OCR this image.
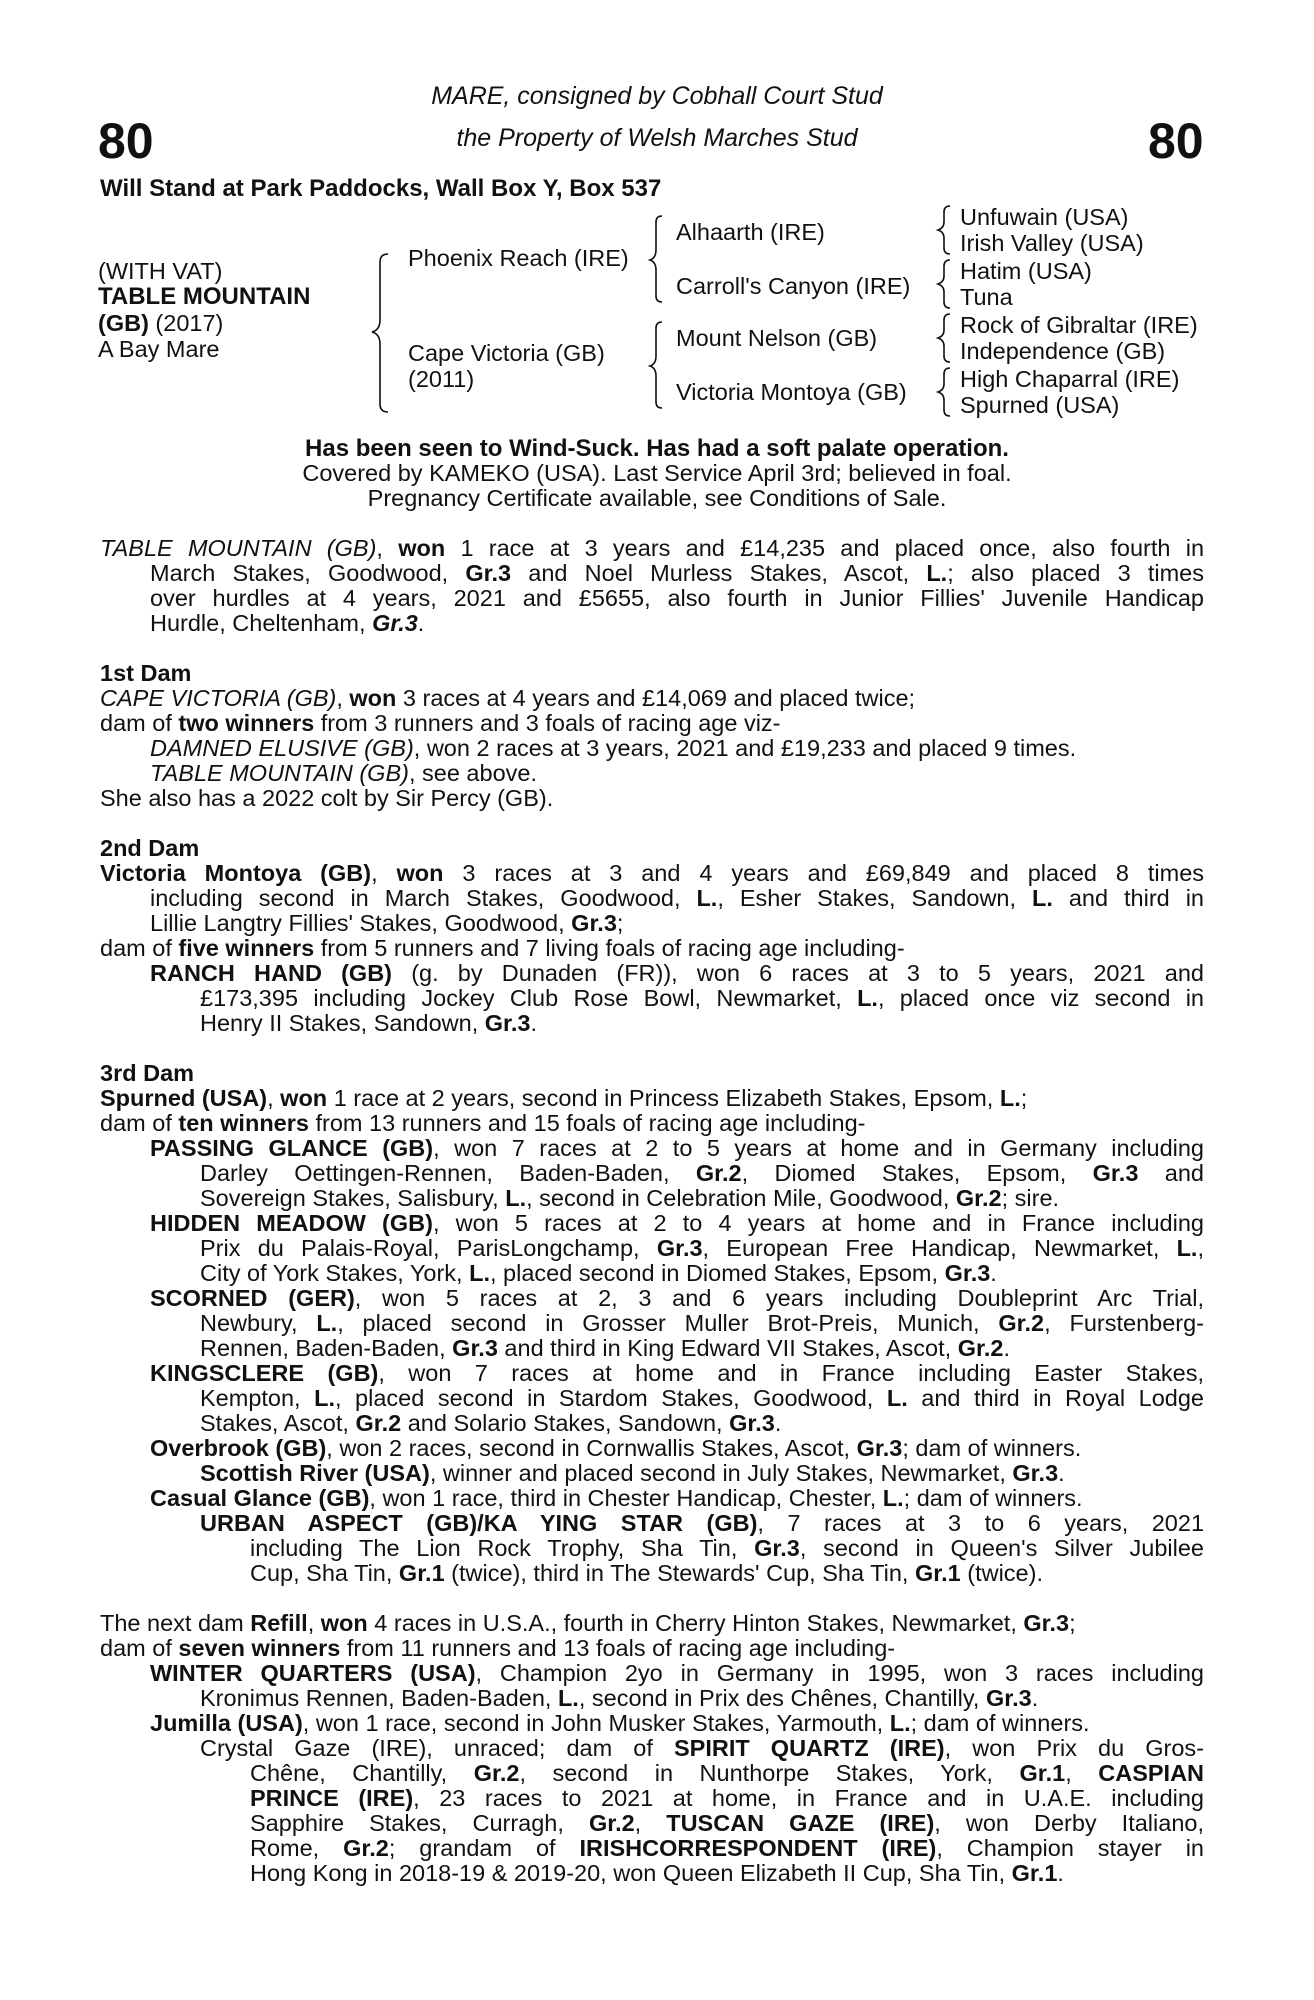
80	80
MARE, consigned by Cobhall Court Stud
the Property of Welsh Marches Stud
Will Stand at Park Paddocks, Wall Box Y, Box 537
(WITH VAT)
TABLE MOUNTAIN
(GB) (2017)
A Bay Mare
Phoenix Reach (IRE)
Cape Victoria (GB)
(2011)
Alhaarth (IRE)
Carroll's Canyon (IRE)
Mount Nelson (GB)
Victoria Montoya (GB)
Unfuwain (USA)
Irish Valley (USA)
Hatim (USA)
Tuna
Rock of Gibraltar (IRE)
Independence (GB)
High Chaparral (IRE)
Spurned (USA)
Has been seen to Wind-Suck. Has had a soft palate operation.
Covered by KAMEKO (USA). Last Service April 3rd; believed in foal.
Pregnancy Certificate available, see Conditions of Sale.
TABLE MOUNTAIN (GB), won 1 race at 3 years and £14,235 and placed once, also fourth in
March Stakes, Goodwood, Gr.3 and Noel Murless Stakes, Ascot, L.; also placed 3 times
over hurdles at 4 years, 2021 and £5655, also fourth in Junior Fillies' Juvenile Handicap
Hurdle, Cheltenham, Gr.3.
1st Dam
CAPE VICTORIA (GB), won 3 races at 4 years and £14,069 and placed twice;
dam of two winners from 3 runners and 3 foals of racing age viz-
DAMNED ELUSIVE (GB), won 2 races at 3 years, 2021 and £19,233 and placed 9 times.
TABLE MOUNTAIN (GB), see above.
She also has a 2022 colt by Sir Percy (GB).
2nd Dam
Victoria Montoya (GB), won 3 races at 3 and 4 years and £69,849 and placed 8 times
including second in March Stakes, Goodwood, L., Esher Stakes, Sandown, L. and third in
Lillie Langtry Fillies' Stakes, Goodwood, Gr.3;
dam of five winners from 5 runners and 7 living foals of racing age including-
RANCH HAND (GB) (g. by Dunaden (FR)), won 6 races at 3 to 5 years, 2021 and
£173,395 including Jockey Club Rose Bowl, Newmarket, L., placed once viz second in
Henry II Stakes, Sandown, Gr.3.
3rd Dam
Spurned (USA), won 1 race at 2 years, second in Princess Elizabeth Stakes, Epsom, L.;
dam of ten winners from 13 runners and 15 foals of racing age including-
PASSING GLANCE (GB), won 7 races at 2 to 5 years at home and in Germany including
Darley Oettingen-Rennen, Baden-Baden, Gr.2, Diomed Stakes, Epsom, Gr.3 and
Sovereign Stakes, Salisbury, L., second in Celebration Mile, Goodwood, Gr.2; sire.
HIDDEN MEADOW (GB), won 5 races at 2 to 4 years at home and in France including
Prix du Palais-Royal, ParisLongchamp, Gr.3, European Free Handicap, Newmarket, L.,
City of York Stakes, York, L., placed second in Diomed Stakes, Epsom, Gr.3.
SCORNED (GER), won 5 races at 2, 3 and 6 years including Doubleprint Arc Trial,
Newbury, L., placed second in Grosser Muller Brot-Preis, Munich, Gr.2, Furstenberg-
Rennen, Baden-Baden, Gr.3 and third in King Edward VII Stakes, Ascot, Gr.2.
KINGSCLERE (GB), won 7 races at home and in France including Easter Stakes,
Kempton, L., placed second in Stardom Stakes, Goodwood, L. and third in Royal Lodge
Stakes, Ascot, Gr.2 and Solario Stakes, Sandown, Gr.3.
Overbrook (GB), won 2 races, second in Cornwallis Stakes, Ascot, Gr.3; dam of winners.
Scottish River (USA), winner and placed second in July Stakes, Newmarket, Gr.3.
Casual Glance (GB), won 1 race, third in Chester Handicap, Chester, L.; dam of winners.
URBAN ASPECT (GB)/KA YING STAR (GB), 7 races at 3 to 6 years, 2021
including The Lion Rock Trophy, Sha Tin, Gr.3, second in Queen's Silver Jubilee
Cup, Sha Tin, Gr.1 (twice), third in The Stewards' Cup, Sha Tin, Gr.1 (twice).
The next dam Refill, won 4 races in U.S.A., fourth in Cherry Hinton Stakes, Newmarket, Gr.3;
dam of seven winners from 11 runners and 13 foals of racing age including-
WINTER QUARTERS (USA), Champion 2yo in Germany in 1995, won 3 races including
Kronimus Rennen, Baden-Baden, L., second in Prix des Chênes, Chantilly, Gr.3.
Jumilla (USA), won 1 race, second in John Musker Stakes, Yarmouth, L.; dam of winners.
Crystal Gaze (IRE), unraced; dam of SPIRIT QUARTZ (IRE), won Prix du Gros-
Chêne, Chantilly, Gr.2, second in Nunthorpe Stakes, York, Gr.1, CASPIAN
PRINCE (IRE), 23 races to 2021 at home, in France and in U.A.E. including
Sapphire Stakes, Curragh, Gr.2, TUSCAN GAZE (IRE), won Derby Italiano,
Rome, Gr.2; grandam of IRISHCORRESPONDENT (IRE), Champion stayer in
Hong Kong in 2018-19 & 2019-20, won Queen Elizabeth II Cup, Sha Tin, Gr.1.
